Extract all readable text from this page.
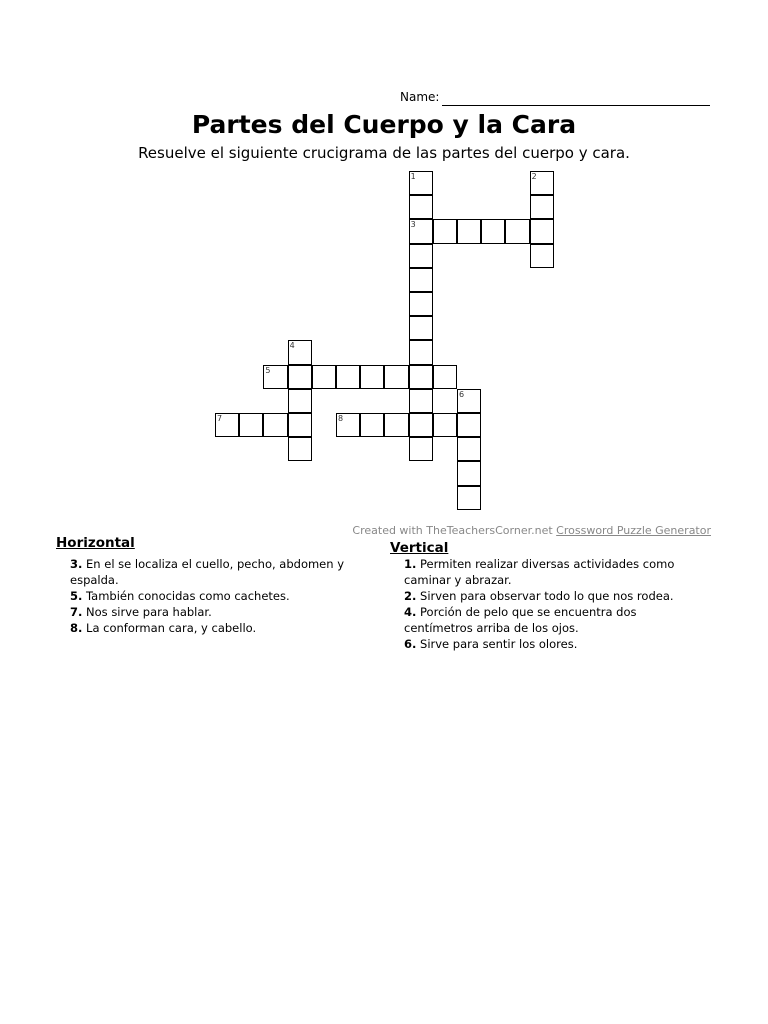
Name:
Partes del Cuerpo y la Cara

Resuelve el siguiente crucigrama de las partes del cuerpo y cara.

1
3
2
4
5
6
7	8
Created with TheTeachersCorner.net Crossword Puzzle Generator
Horizontal
3. En el se localiza el cuello, pecho, abdomen y espalda.
5. También conocidas como cachetes.
7. Nos sirve para hablar.
8. La conforman cara, y cabello.
Vertical
1. Permiten realizar diversas actividades como caminar y abrazar.
2. Sirven para observar todo lo que nos rodea.
4. Porción de pelo que se encuentra dos centímetros arriba de los ojos.
6. Sirve para sentir los olores.
